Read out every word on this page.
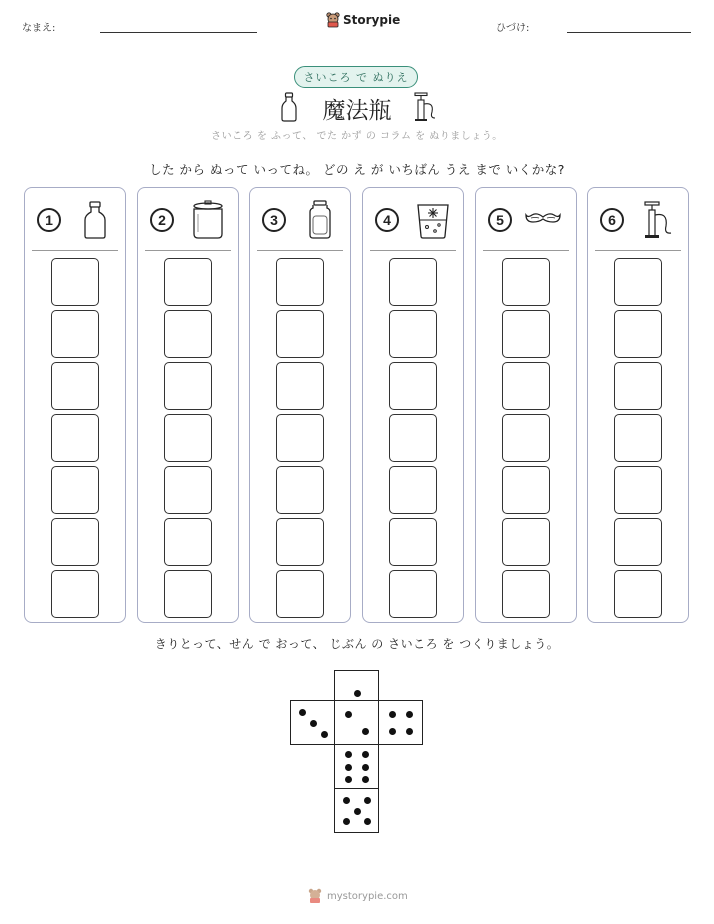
なまえ:
Storypie
ひづけ:
さいころ で ぬりえ
魔法瓶
さいころ を ふって、 でた かず の コラム を ぬりましょう。
した から ぬって いってね。 どの え が いちばん うえ まで いくかな?
1	2	3	4	5	6
きりとって、せん で おって、 じぶん の さいころ を つくりましょう。
mystorypie.com
